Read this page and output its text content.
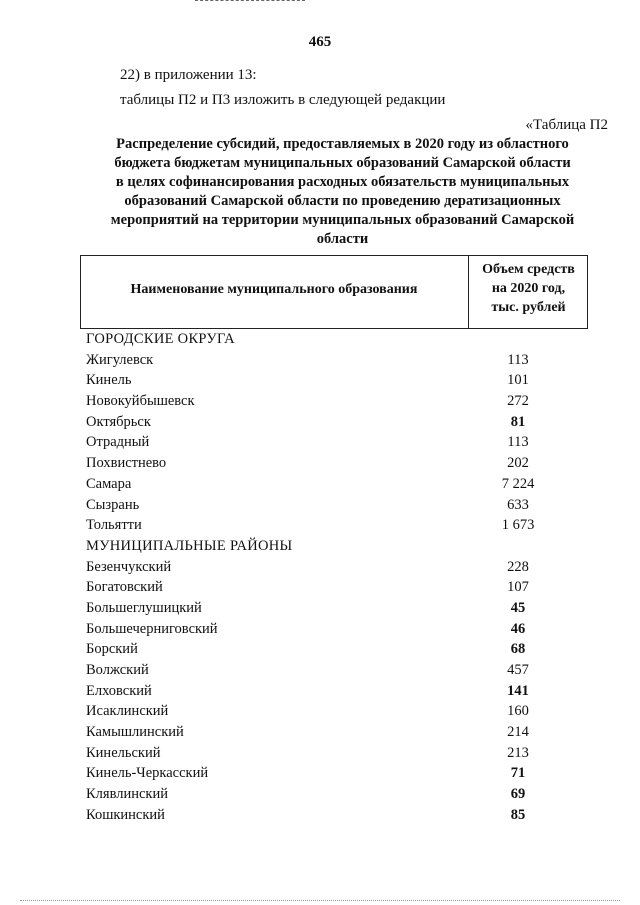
465
22) в приложении 13:
таблицы П2 и П3 изложить в следующей редакции
«Таблица П2
Распределение субсидий, предоставляемых в 2020 году из областного
бюджета бюджетам муниципальных образований Самарской области
в целях софинансирования расходных обязательств муниципальных
образований Самарской области по проведению дератизационных
мероприятий на территории муниципальных образований Самарской
области
Наименование муниципального образования
Объем средств
на 2020 год,
тыс. рублей
ГОРОДСКИЕ ОКРУГА
Жигулевск	113
Кинель	101
Новокуйбышевск	272
Октябрьск	81
Отрадный	113
Похвистнево	202
Самара	7 224
Сызрань	633
Тольятти	1 673
МУНИЦИПАЛЬНЫЕ РАЙОНЫ
Безенчукский	228
Богатовский	107
Большеглушицкий	45
Большечерниговский	46
Борский	68
Волжский	457
Елховский	141
Исаклинский	160
Камышлинский	214
Кинельский	213
Кинель-Черкасский	71
Клявлинский	69
Кошкинский	85
